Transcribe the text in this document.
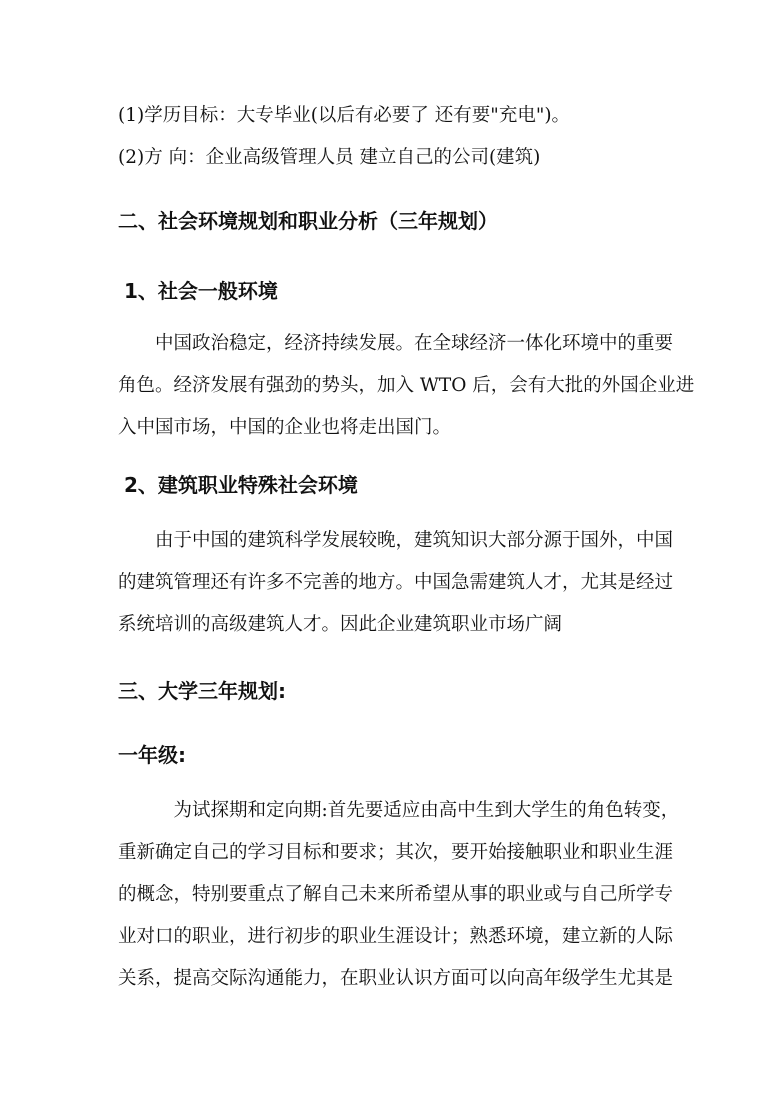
(1)学历目标：大专毕业(以后有必要了 还有要"充电")。
(2)方 向：企业高级管理人员 建立自己的公司(建筑)
二、社会环境规划和职业分析（三年规划）
1、社会一般环境
　　中国政治稳定，经济持续发展。在全球经济一体化环境中的重要
角色。经济发展有强劲的势头，加入 WTO 后，会有大批的外国企业进
入中国市场，中国的企业也将走出国门。
2、建筑职业特殊社会环境
　　由于中国的建筑科学发展较晚，建筑知识大部分源于国外，中国
的建筑管理还有许多不完善的地方。中国急需建筑人才，尤其是经过
系统培训的高级建筑人才。因此企业建筑职业市场广阔
三、大学三年规划:
一年级:
　　　为试探期和定向期:首先要适应由高中生到大学生的角色转变，
重新确定自己的学习目标和要求；其次，要开始接触职业和职业生涯
的概念，特别要重点了解自己未来所希望从事的职业或与自己所学专
业对口的职业，进行初步的职业生涯设计；熟悉环境，建立新的人际
关系，提高交际沟通能力，在职业认识方面可以向高年级学生尤其是
